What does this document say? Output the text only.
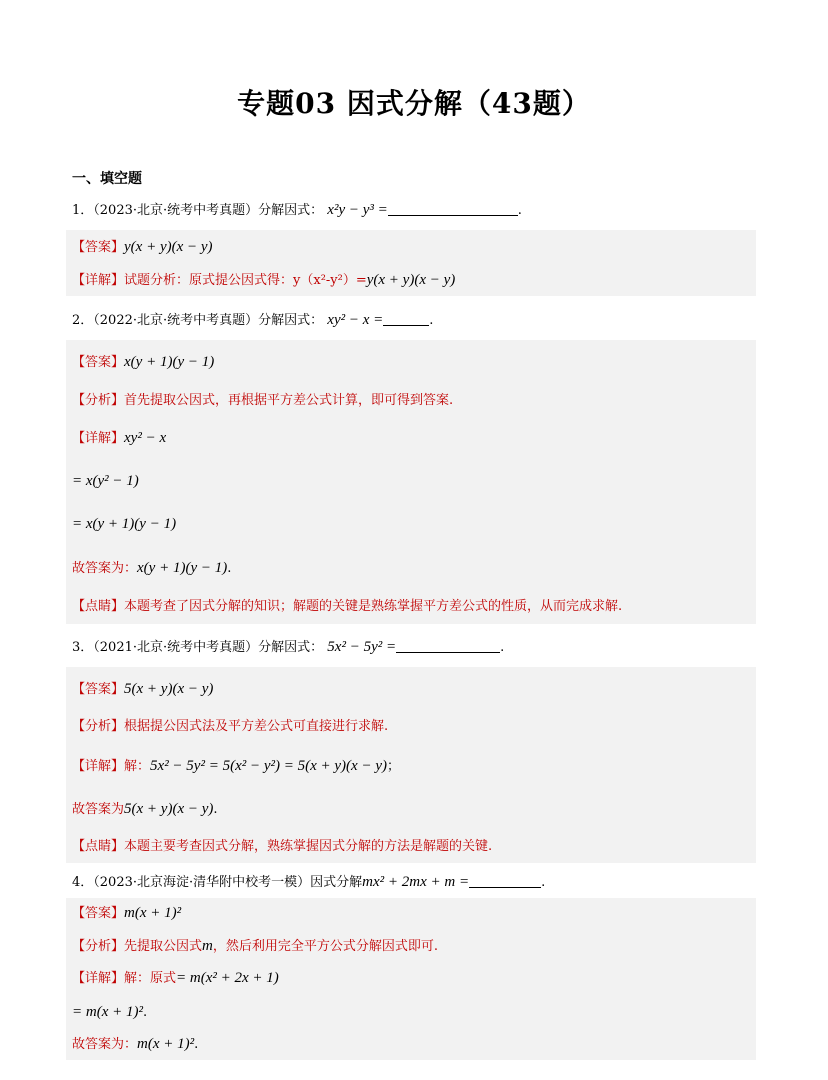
专题03 因式分解（43题）
一、填空题
1．（2023·北京·统考中考真题）分解因式： x²y − y³ =	.
【答案】y(x + y)(x − y)
【详解】试题分析：原式提公因式得：y（x²-y²）=y(x + y)(x − y)
2．（2022·北京·统考中考真题）分解因式： xy² − x =	.
【答案】x(y + 1)(y − 1)
【分析】首先提取公因式，再根据平方差公式计算，即可得到答案.
【详解】xy² − x
= x(y² − 1)
= x(y + 1)(y − 1)
故答案为：x(y + 1)(y − 1).
【点睛】本题考查了因式分解的知识；解题的关键是熟练掌握平方差公式的性质，从而完成求解.
3．（2021·北京·统考中考真题）分解因式： 5x² − 5y² =	.
【答案】5(x + y)(x − y)
【分析】根据提公因式法及平方差公式可直接进行求解.
【详解】解：5x² − 5y² = 5(x² − y²) = 5(x + y)(x − y)；
故答案为5(x + y)(x − y).
【点睛】本题主要考查因式分解，熟练掌握因式分解的方法是解题的关键.
4．（2023·北京海淀·清华附中校考一模）因式分解mx² + 2mx + m =	.
【答案】m(x + 1)²
【分析】先提取公因式m，然后利用完全平方公式分解因式即可.
【详解】解：原式= m(x² + 2x + 1)
= m(x + 1)².
故答案为：m(x + 1)².
